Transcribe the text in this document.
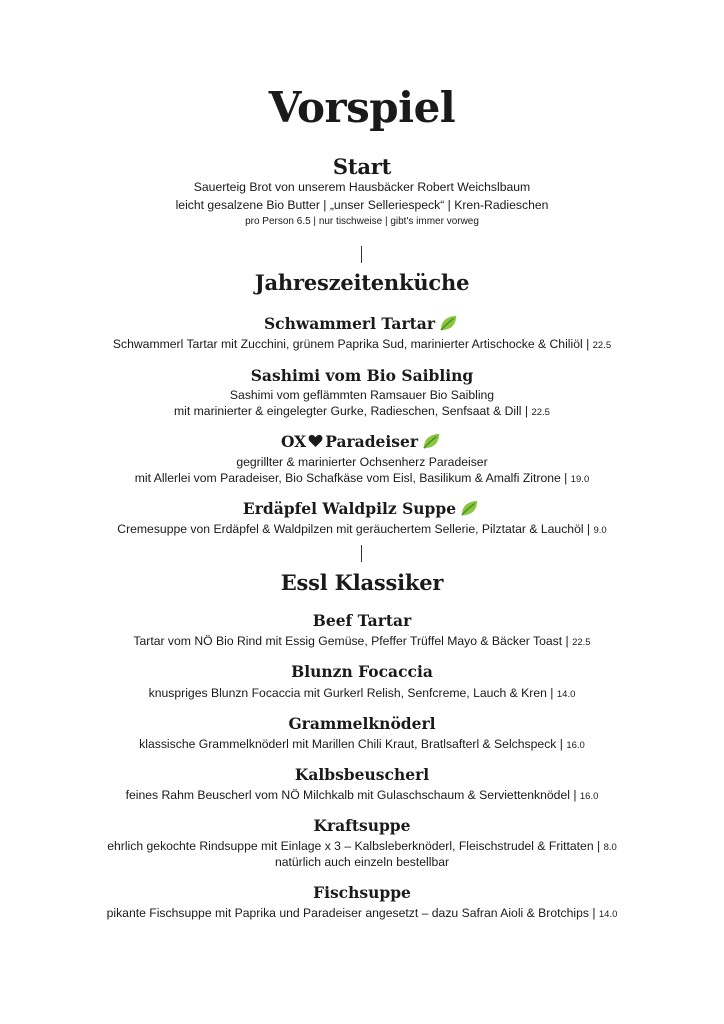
Vorspiel
Start
Sauerteig Brot von unserem Hausbäcker Robert Weichslbaum
leicht gesalzene Bio Butter | „unser Selleriespeck“ | Kren-Radieschen
pro Person 6.5 | nur tischweise | gibt's immer vorweg
Jahreszeitenküche
Schwammerl Tartar
Schwammerl Tartar mit Zucchini, grünem Paprika Sud, marinierter Artischocke & Chiliöl | 22.5
Sashimi vom Bio Saibling
Sashimi vom geflämmten Ramsauer Bio Saibling
mit marinierter & eingelegter Gurke, Radieschen, Senfsaat & Dill | 22.5
OX Paradeiser
gegrillter & marinierter Ochsenherz Paradeiser
mit Allerlei vom Paradeiser, Bio Schafkäse vom Eisl, Basilikum & Amalfi Zitrone | 19.0
Erdäpfel Waldpilz Suppe
Cremesuppe von Erdäpfel & Waldpilzen mit geräuchertem Sellerie, Pilztatar & Lauchöl | 9.0
Essl Klassiker
Beef Tartar
Tartar vom NÖ Bio Rind mit Essig Gemüse, Pfeffer Trüffel Mayo & Bäcker Toast | 22.5
Blunzn Focaccia
knuspriges Blunzn Focaccia mit Gurkerl Relish, Senfcreme, Lauch & Kren | 14.0
Grammelknöderl
klassische Grammelknöderl mit Marillen Chili Kraut, Bratlsafterl & Selchspeck | 16.0
Kalbsbeuscherl
feines Rahm Beuscherl vom NÖ Milchkalb mit Gulaschschaum & Serviettenknödel | 16.0
Kraftsuppe
ehrlich gekochte Rindsuppe mit Einlage x 3 – Kalbsleberknöderl, Fleischstrudel & Frittaten | 8.0
natürlich auch einzeln bestellbar
Fischsuppe
pikante Fischsuppe mit Paprika und Paradeiser angesetzt – dazu Safran Aioli & Brotchips | 14.0
